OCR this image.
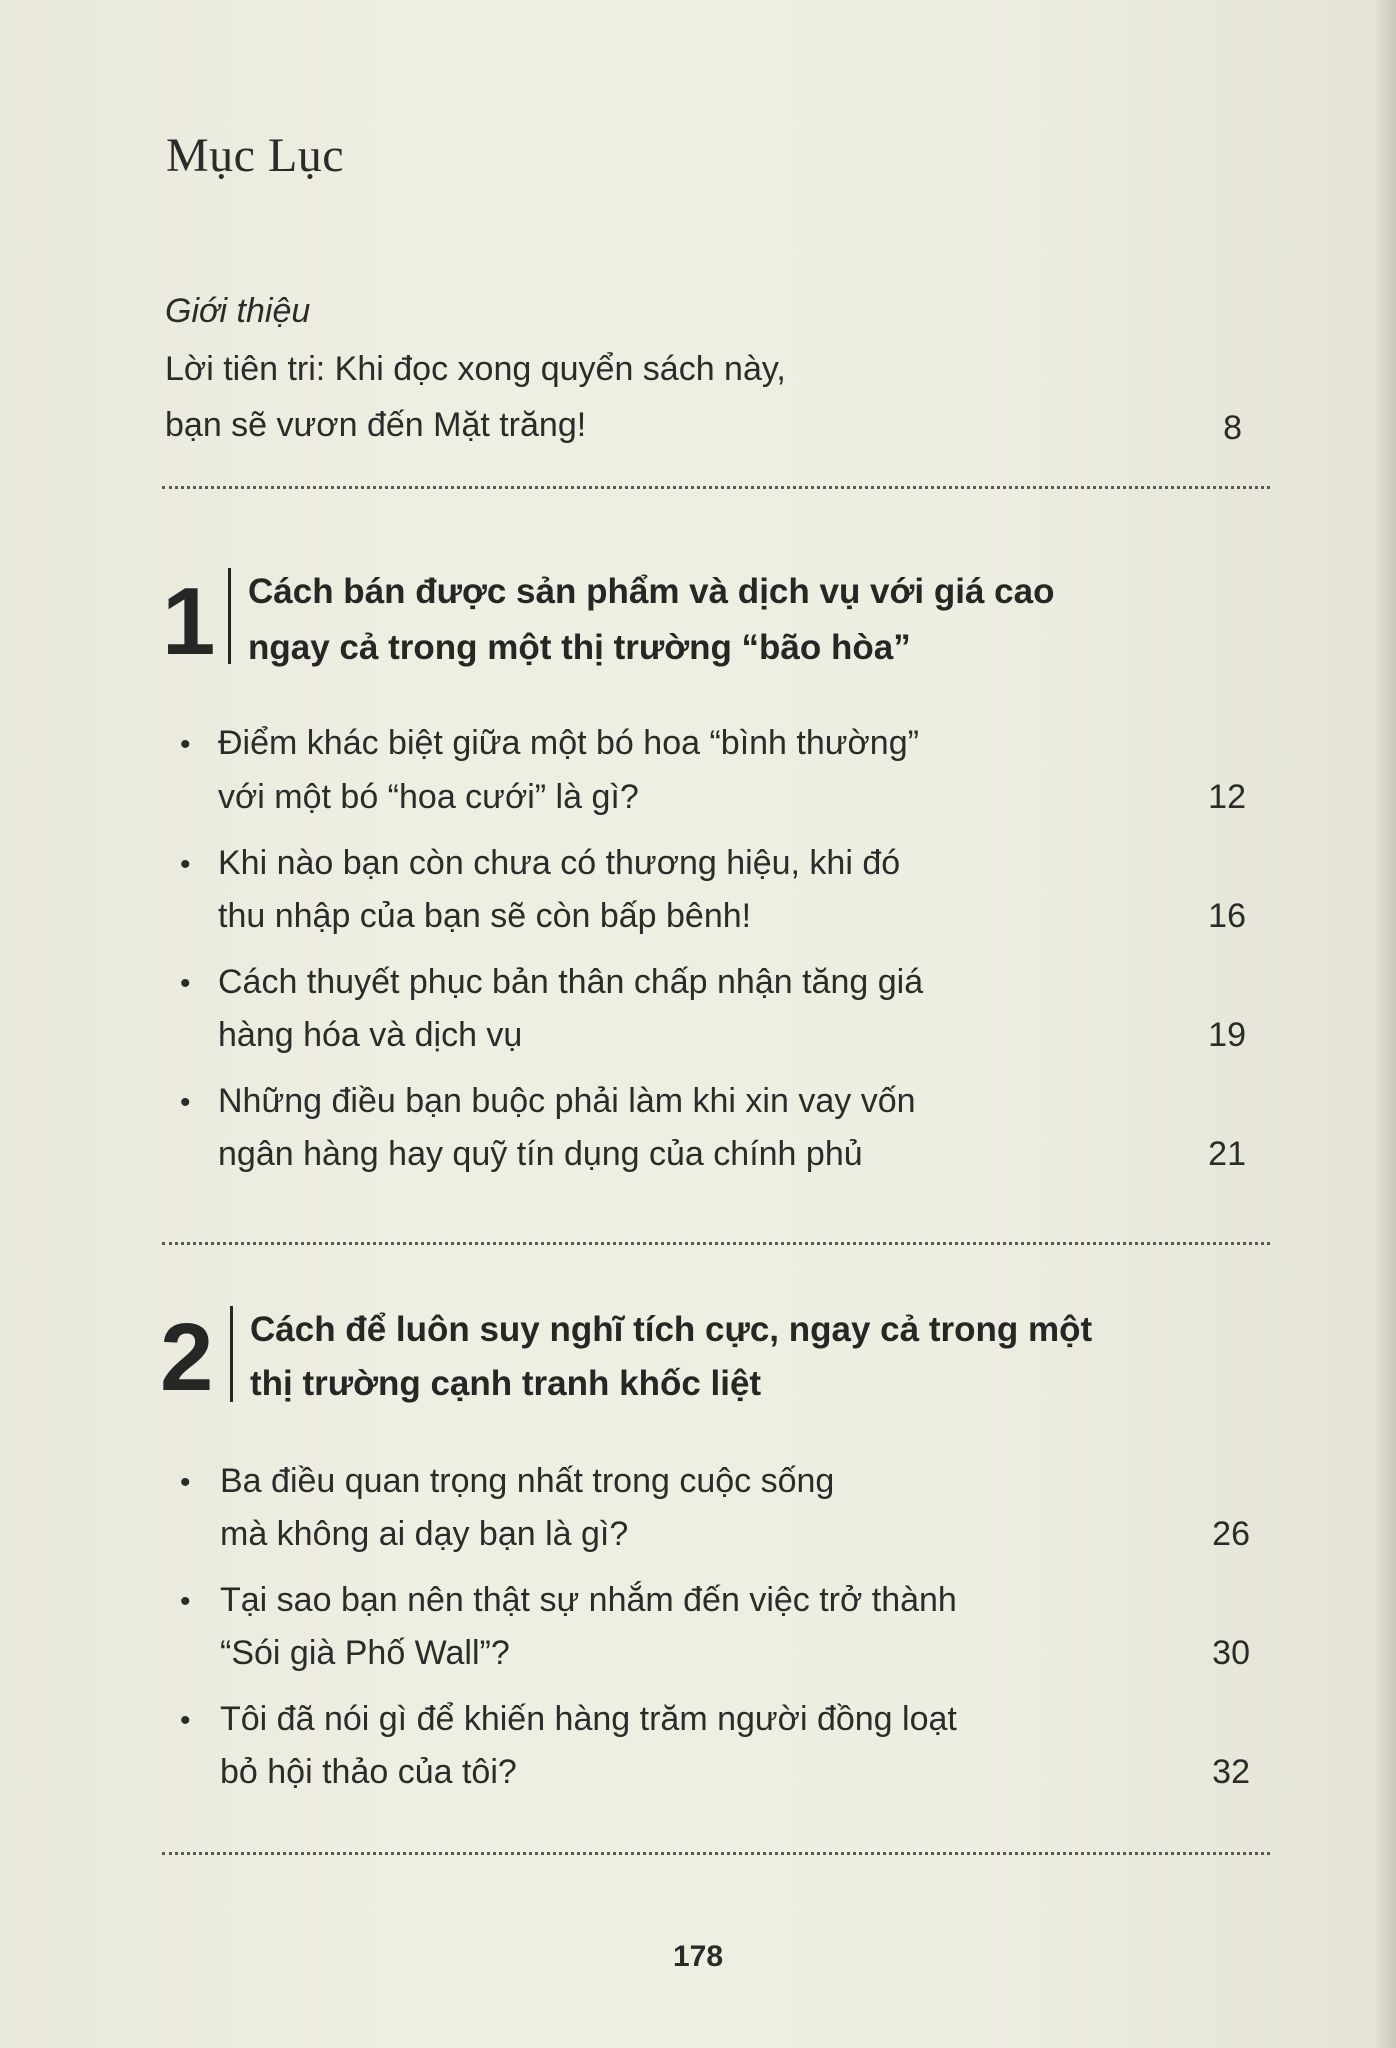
Mục Lục
Giới thiệu
Lời tiên tri: Khi đọc xong quyển sách này,
bạn sẽ vươn đến Mặt trăng!	8
1 Cách bán được sản phẩm và dịch vụ với giá cao
ngay cả trong một thị trường “bão hòa”
• Điểm khác biệt giữa một bó hoa “bình thường”
với một bó “hoa cưới” là gì?	12
• Khi nào bạn còn chưa có thương hiệu, khi đó
thu nhập của bạn sẽ còn bấp bênh!	16
• Cách thuyết phục bản thân chấp nhận tăng giá
hàng hóa và dịch vụ	19
• Những điều bạn buộc phải làm khi xin vay vốn
ngân hàng hay quỹ tín dụng của chính phủ	21
2 Cách để luôn suy nghĩ tích cực, ngay cả trong một
thị trường cạnh tranh khốc liệt
• Ba điều quan trọng nhất trong cuộc sống
mà không ai dạy bạn là gì?	26
• Tại sao bạn nên thật sự nhắm đến việc trở thành
“Sói già Phố Wall”?	30
• Tôi đã nói gì để khiến hàng trăm người đồng loạt
bỏ hội thảo của tôi?	32
178
